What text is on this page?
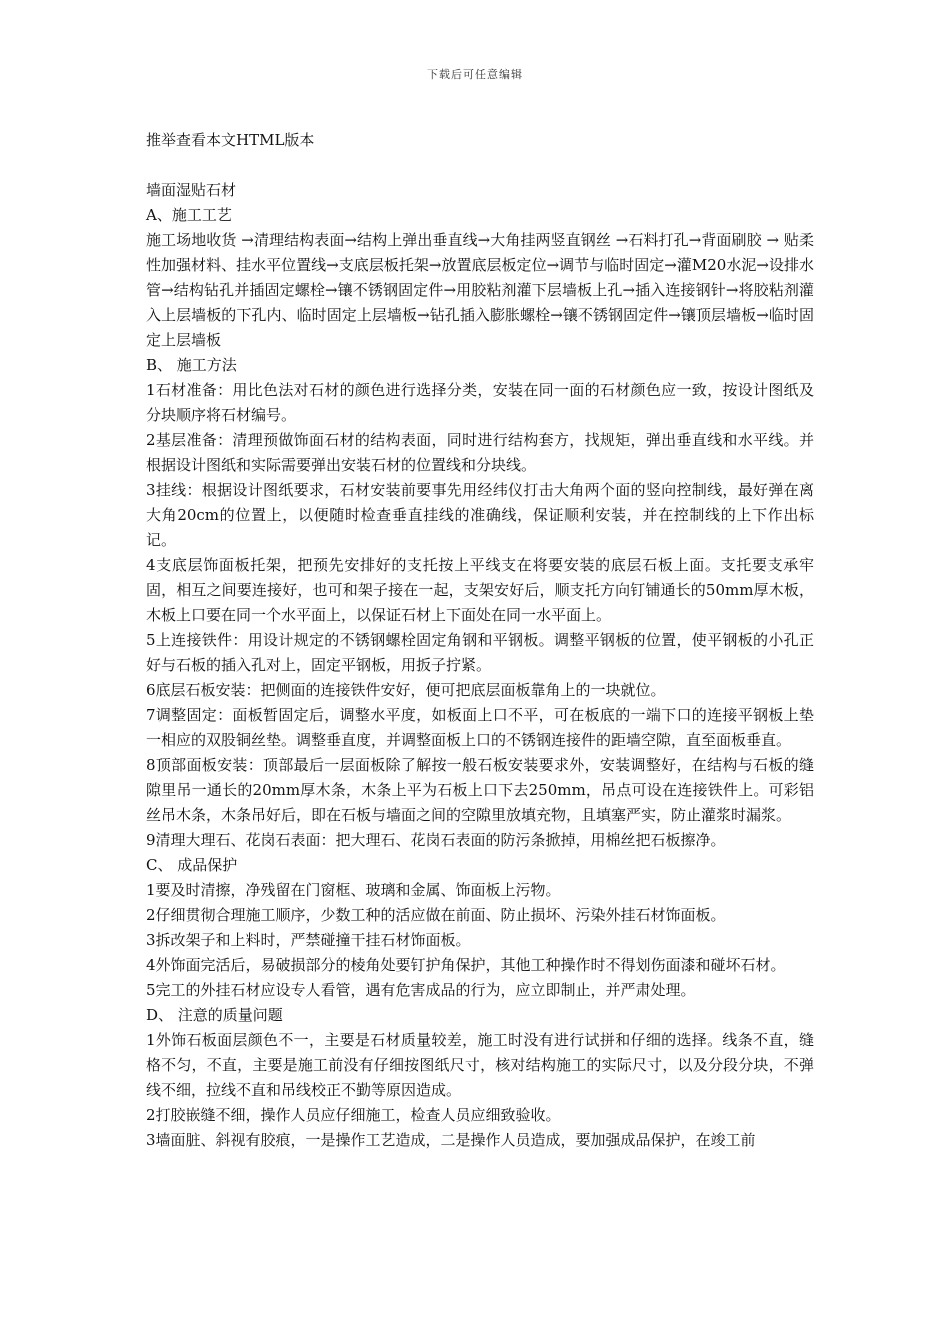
下载后可任意编辑

推举查看本文HTML版本

墙面湿贴石材

A、施工工艺

施工场地收货 →清理结构表面→结构上弹出垂直线→大角挂两竖直钢丝 →石料打孔→背面刷胶 → 贴柔性加强材料、挂水平位置线→支底层板托架→放置底层板定位→调节与临时固定→灌M20水泥→设排水管→结构钻孔并插固定螺栓→镶不锈钢固定件→用胶粘剂灌下层墙板上孔→插入连接钢针→将胶粘剂灌入上层墙板的下孔内、临时固定上层墙板→钻孔插入膨胀螺栓→镶不锈钢固定件→镶顶层墙板→临时固定上层墙板

B、 施工方法

1石材准备：用比色法对石材的颜色进行选择分类，安装在同一面的石材颜色应一致，按设计图纸及分块顺序将石材编号。

2基层准备：清理预做饰面石材的结构表面，同时进行结构套方，找规矩，弹出垂直线和水平线。并根据设计图纸和实际需要弹出安装石材的位置线和分块线。

3挂线：根据设计图纸要求，石材安装前要事先用经纬仪打击大角两个面的竖向控制线，最好弹在离大角20cm的位置上，以便随时检查垂直挂线的准确线，保证顺利安装，并在控制线的上下作出标记。

4支底层饰面板托架，把预先安排好的支托按上平线支在将要安装的底层石板上面。支托要支承牢固，相互之间要连接好，也可和架子接在一起，支架安好后，顺支托方向钉铺通长的50mm厚木板，木板上口要在同一个水平面上，以保证石材上下面处在同一水平面上。

5上连接铁件：用设计规定的不锈钢螺栓固定角钢和平钢板。调整平钢板的位置，使平钢板的小孔正好与石板的插入孔对上，固定平钢板，用扳子拧紧。

6底层石板安装：把侧面的连接铁件安好，便可把底层面板靠角上的一块就位。

7调整固定：面板暂固定后，调整水平度，如板面上口不平，可在板底的一端下口的连接平钢板上垫一相应的双股铜丝垫。调整垂直度，并调整面板上口的不锈钢连接件的距墙空隙，直至面板垂直。

8顶部面板安装：顶部最后一层面板除了解按一般石板安装要求外，安装调整好，在结构与石板的缝隙里吊一通长的20mm厚木条，木条上平为石板上口下去250mm，吊点可设在连接铁件上。可彩铝丝吊木条，木条吊好后，即在石板与墙面之间的空隙里放填充物，且填塞严实，防止灌浆时漏浆。

9清理大理石、花岗石表面：把大理石、花岗石表面的防污条掀掉，用棉丝把石板擦净。

C、 成品保护

1要及时清擦，净残留在门窗框、玻璃和金属、饰面板上污物。

2仔细贯彻合理施工顺序，少数工种的活应做在前面、防止损坏、污染外挂石材饰面板。

3拆改架子和上料时，严禁碰撞干挂石材饰面板。

4外饰面完活后，易破损部分的棱角处要钉护角保护，其他工种操作时不得划伤面漆和碰坏石材。

5完工的外挂石材应设专人看管，遇有危害成品的行为，应立即制止，并严肃处理。

D、 注意的质量问题

1外饰石板面层颜色不一，主要是石材质量较差，施工时没有进行试拼和仔细的选择。线条不直，缝格不匀，不直，主要是施工前没有仔细按图纸尺寸，核对结构施工的实际尺寸，以及分段分块，不弹线不细，拉线不直和吊线校正不勤等原因造成。

2打胶嵌缝不细，操作人员应仔细施工，检查人员应细致验收。

3墙面脏、斜视有胶痕，一是操作工艺造成，二是操作人员造成，要加强成品保护，在竣工前
